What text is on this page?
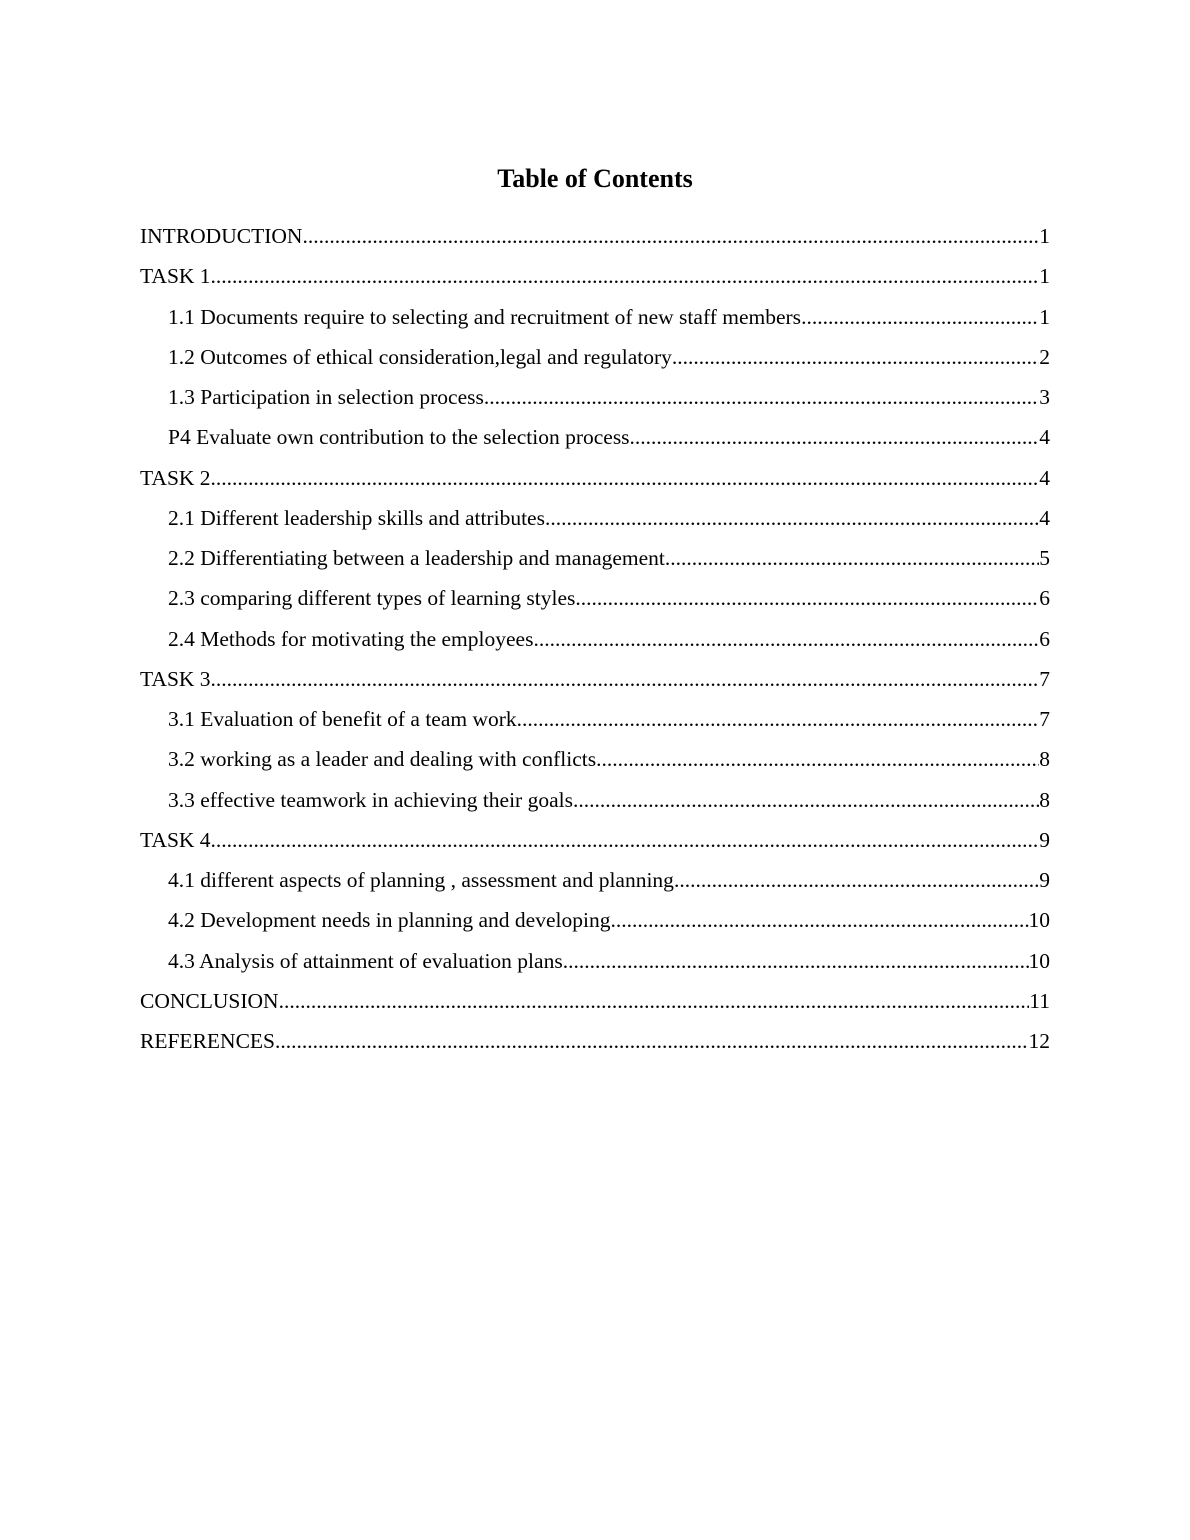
Table of Contents
INTRODUCTION .....	1
TASK 1 .....	1
1.1 Documents require to selecting and recruitment of new staff members .....	1
1.2 Outcomes of ethical consideration,legal and regulatory .....	2
1.3 Participation in selection process .....	3
P4 Evaluate own contribution to the selection process .....	4
TASK 2 .....	4
2.1 Different leadership skills and attributes .....	4
2.2 Differentiating between a leadership and management .....	5
2.3 comparing different types of learning styles. .....	6
2.4 Methods for motivating the employees .....	6
TASK 3 .....	7
3.1 Evaluation of benefit of a team work .....	7
3.2 working as a leader and dealing with conflicts. .....	8
3.3 effective teamwork in achieving their goals. .....	8
TASK 4 .....	9
4.1 different aspects of planning , assessment and planning .....	9
4.2 Development needs in planning and developing .....	10
4.3 Analysis of attainment of evaluation plans .....	10
CONCLUSION .....	11
REFERENCES .....	12
